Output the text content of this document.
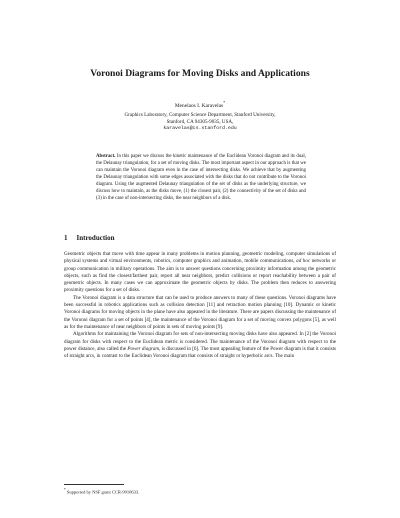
Voronoi Diagrams for Moving Disks and Applications
Menelaos I. Karavelas*
Graphics Laboratory, Computer Science Department, Stanford University,
Stanford, CA 94305-9035, USA,
karavelas@cs.stanford.edu
Abstract. In this paper we discuss the kinetic maintenance of the Euclidean Voronoi diagram and its dual, the Delaunay triangulation, for a set of moving disks. The most important aspect in our approach is that we can maintain the Voronoi diagram even in the case of intersecting disks. We achieve that by augmenting the Delaunay triangulation with some edges associated with the disks that do not contribute to the Voronoi diagram. Using the augmented Delaunay triangulation of the set of disks as the underlying structure, we discuss how to maintain, as the disks move, (1) the closest pair, (2) the connectivity of the set of disks and (3) in the case of non-intersecting disks, the near neighbors of a disk.
1 Introduction

Geometric objects that move with time appear in many problems in motion planning, geometric modeling, computer simulations of physical systems and virtual environments, robotics, computer graphics and animation, mobile communications, ad hoc networks or group communication in military operations. The aim is to answer questions concerning proximity information among the geometric objects, such as find the closest/farthest pair, report all near neighbors, predict collisions or report reachability between a pair of geometric objects. In many cases we can approximate the geometric objects by disks. The problem then reduces to answering proximity questions for a set of disks.

The Voronoi diagram is a data structure that can be used to produce answers to many of these questions. Voronoi diagrams have been successful in robotics applications such as collision detection [11] and retraction motion planning [10]. Dynamic or kinetic Voronoi diagrams for moving objects in the plane have also appeared in the literature. There are papers discussing the maintenance of the Voronoi diagram for a set of points [4], the maintenance of the Voronoi diagram for a set of moving convex polygons [5], as well as for the maintenance of near neighbors of points in sets of moving points [9].

Algorithms for maintaining the Voronoi diagram for sets of non-intersecting moving disks have also appeared. In [2] the Voronoi diagram for disks with respect to the Euclidean metric is considered. The maintenance of the Voronoi diagram with respect to the power distance, also called the Power diagram, is discussed in [6]. The most appealing feature of the Power diagram is that it consists of straight arcs, in contrast to the Euclidean Voronoi diagram that consists of straight or hyperbolic arcs. The main

* Supported by NSF grant CCR-9910633.
